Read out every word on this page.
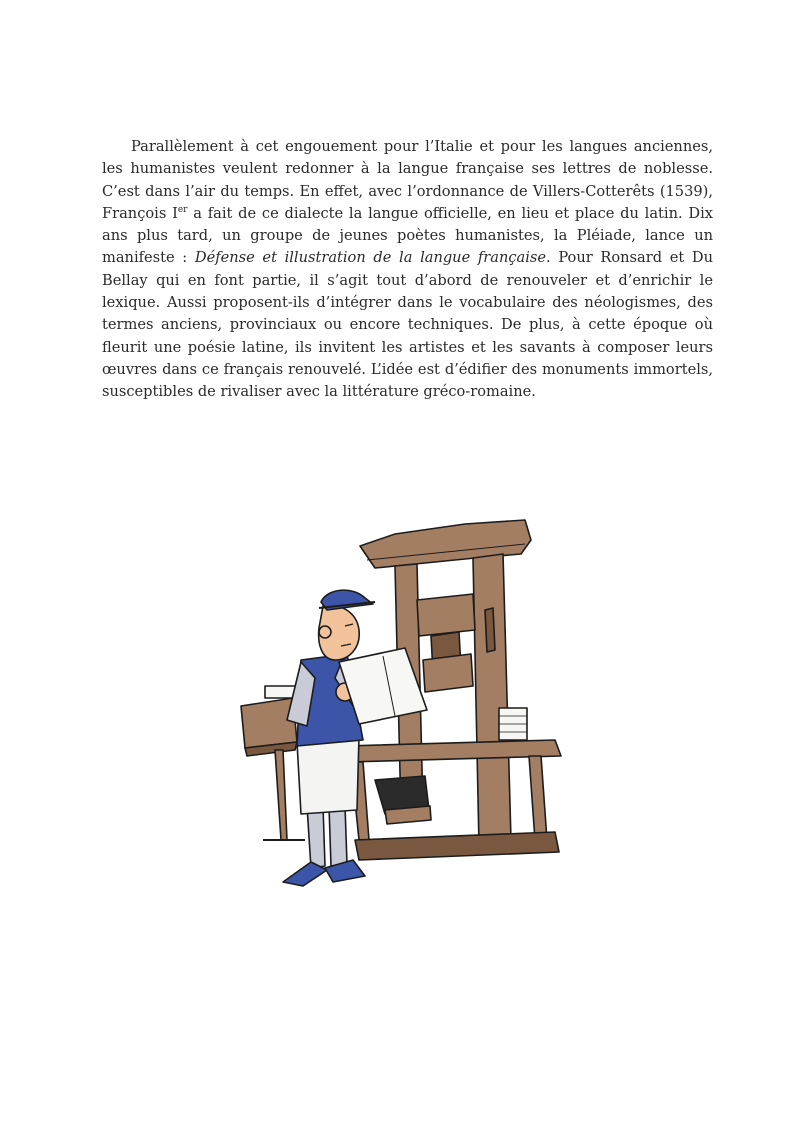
Parallèlement à cet engouement pour l’Italie et pour les langues anciennes, les humanistes veulent redonner à la langue française ses lettres de noblesse. C’est dans l’air du temps. En effet, avec l’ordonnance de Villers-Cotterêts (1539), François Ier a fait de ce dialecte la langue officielle, en lieu et place du latin. Dix ans plus tard, un groupe de jeunes poètes humanistes, la Pléiade, lance un manifeste : Défense et illustration de la langue française. Pour Ronsard et Du Bellay qui en font partie, il s’agit tout d’abord de renouveler et d’enrichir le lexique. Aussi proposent-ils d’intégrer dans le vocabulaire des néologismes, des termes anciens, provinciaux ou encore techniques. De plus, à cette époque où fleurit une poésie latine, ils invitent les artistes et les savants à composer leurs œuvres dans ce français renouvelé. L’idée est d’édifier des monuments immortels, susceptibles de rivaliser avec la littérature gréco-romaine.
